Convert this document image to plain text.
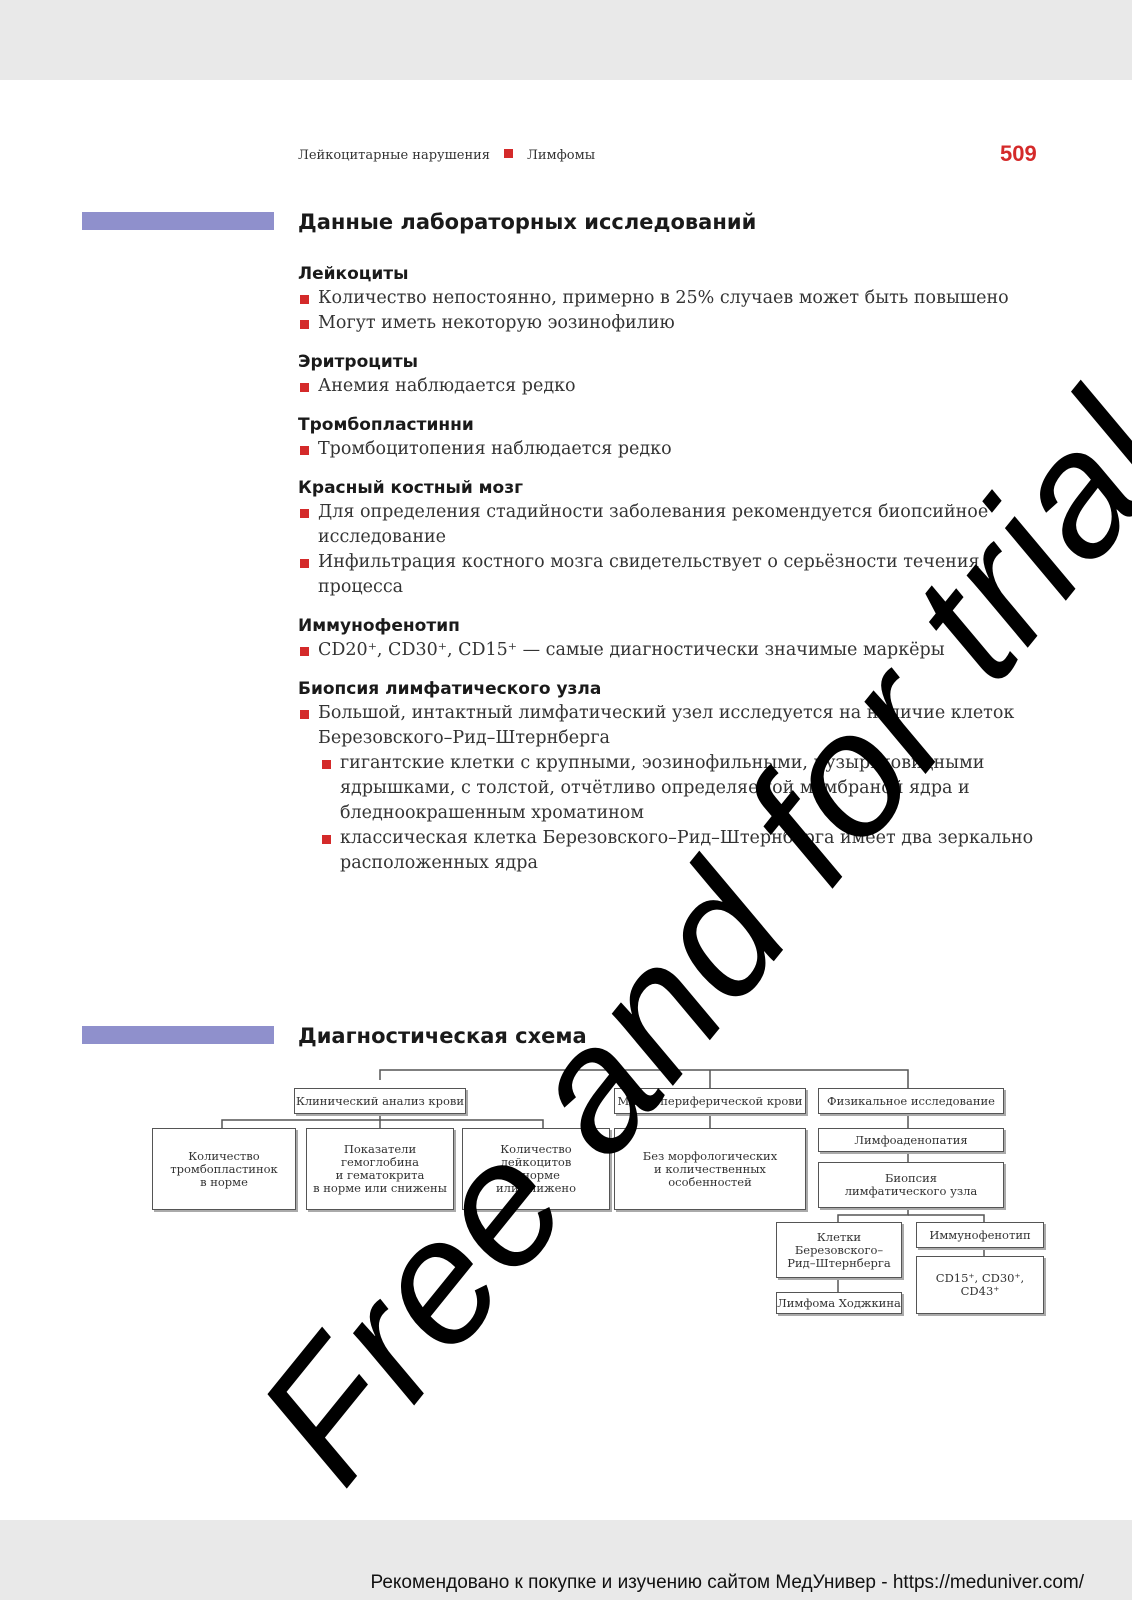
Лейкоцитарные нарушения	Лимфомы	509
Данные лабораторных исследований
Лейкоциты
Количество непостоянно, примерно в 25% случаев может быть повышено
Могут иметь некоторую эозинофилию
Эритроциты
Анемия наблюдается редко
Тромбопластинни
Тромбоцитопения наблюдается редко
Красный костный мозг
Для определения стадийности заболевания рекомендуется биопсийное исследование
Инфильтрация костного мозга свидетельствует о серьёзности течения процесса
Иммунофенотип
CD20⁺, CD30⁺, CD15⁺ — самые диагностически значимые маркёры
Биопсия лимфатического узла
Большой, интактный лимфатический узел исследуется на наличие клеток Березовского–Рид–Штернберга
гигантские клетки с крупными, эозинофильными, пузырьковидными ядрышками, с толстой, отчётливо определяемой мембраной ядра и бледноокрашенным хроматином
классическая клетка Березовского–Рид–Штернберга имеет два зеркально расположенных ядра
Диагностическая схема
Клинический анализ крови	Мазок периферической крови	Физикальное исследование
Количество
тромбопластинок
в норме
Показатели
гемоглобина
и гематокрита
в норме или снижены
Количество
лейкоцитов
в норме
или снижено
Без морфологических
и количественных
особенностей
Лимфоаденопатия
Биопсия
лимфатического узла
Клетки
Березовского–
Рид–Штернберга
Иммунофенотип
CD15⁺, CD30⁺,
CD43⁺
Лимфома Ходжкина
Рекомендовано к покупке и изучению сайтом МедУнивер - https://meduniver.com/
